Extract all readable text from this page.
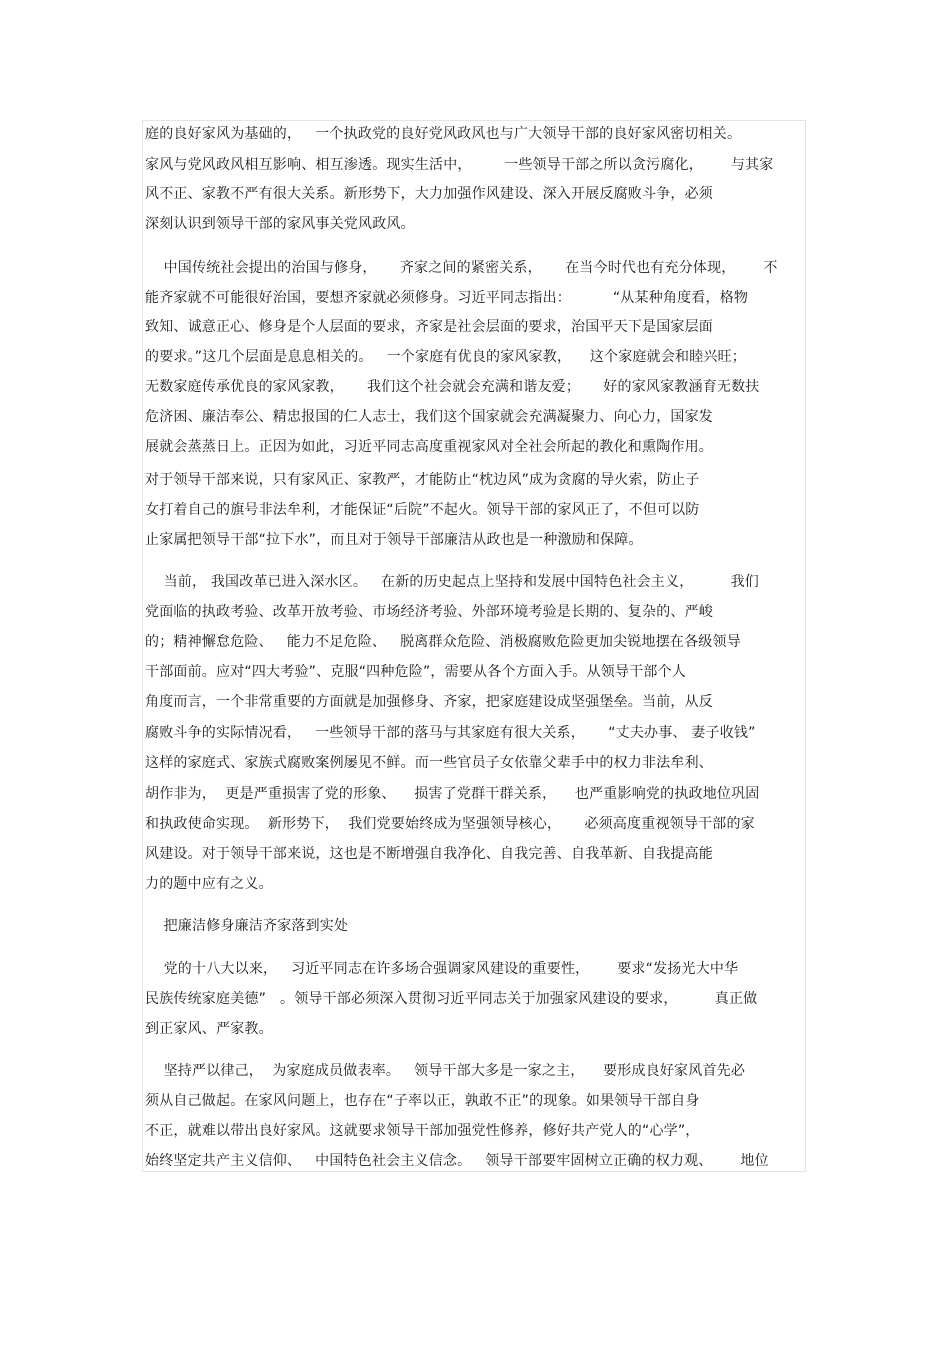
庭的良好家风为基础的，   一个执政党的良好党风政风也与广大领导干部的良好家风密切相关。
家风与党风政风相互影响、相互渗透。现实生活中，       一些领导干部之所以贪污腐化，      与其家
风不正、家教不严有很大关系。新形势下，大力加强作风建设、深入开展反腐败斗争，必须
深刻认识到领导干部的家风事关党风政风。
中国传统社会提出的治国与修身，     齐家之间的紧密关系，     在当今时代也有充分体现，      不
能齐家就不可能很好治国，要想齐家就必须修身。习近平同志指出：         “从某种角度看，格物
致知、诚意正心、修身是个人层面的要求，齐家是社会层面的要求，治国平天下是国家层面
的要求。”这几个层面是息息相关的。   一个家庭有优良的家风家教，    这个家庭就会和睦兴旺；
无数家庭传承优良的家风家教，     我们这个社会就会充满和谐友爱；     好的家风家教涵育无数扶
危济困、廉洁奉公、精忠报国的仁人志士，我们这个国家就会充满凝聚力、向心力，国家发
展就会蒸蒸日上。正因为如此，习近平同志高度重视家风对全社会所起的教化和熏陶作用。
对于领导干部来说，只有家风正、家教严，才能防止“枕边风”成为贪腐的导火索，防止子
女打着自己的旗号非法牟利，才能保证“后院”不起火。领导干部的家风正了，不但可以防
止家属把领导干部“拉下水”，而且对于领导干部廉洁从政也是一种激励和保障。
当前， 我国改革已进入深水区。   在新的历史起点上坚持和发展中国特色社会主义，        我们
党面临的执政考验、改革开放考验、市场经济考验、外部环境考验是长期的、复杂的、严峻
的；精神懈怠危险、   能力不足危险、   脱离群众危险、消极腐败危险更加尖锐地摆在各级领导
干部面前。应对“四大考验”、克服“四种危险”，需要从各个方面入手。从领导干部个人
角度而言，一个非常重要的方面就是加强修身、齐家，把家庭建设成坚强堡垒。当前，从反
腐败斗争的实际情况看，   一些领导干部的落马与其家庭有很大关系，     “丈夫办事、 妻子收钱”
这样的家庭式、家族式腐败案例屡见不鲜。而一些官员子女依靠父辈手中的权力非法牟利、
胡作非为，  更是严重损害了党的形象、    损害了党群干群关系，    也严重影响党的执政地位巩固
和执政使命实现。  新形势下，  我们党要始终成为坚强领导核心，     必须高度重视领导干部的家
风建设。对于领导干部来说，这也是不断增强自我净化、自我完善、自我革新、自我提高能
力的题中应有之义。
把廉洁修身廉洁齐家落到实处
党的十八大以来，   习近平同志在许多场合强调家风建设的重要性，      要求“发扬光大中华
民族传统家庭美德”   。领导干部必须深入贯彻习近平同志关于加强家风建设的要求，        真正做
到正家风、严家教。
坚持严以律己，  为家庭成员做表率。   领导干部大多是一家之主，    要形成良好家风首先必
须从自己做起。在家风问题上，也存在“子率以正，孰敢不正”的现象。如果领导干部自身
不正，就难以带出良好家风。这就要求领导干部加强党性修养，修好共产党人的“心学”，
始终坚定共产主义信仰、   中国特色社会主义信念。   领导干部要牢固树立正确的权力观、      地位
